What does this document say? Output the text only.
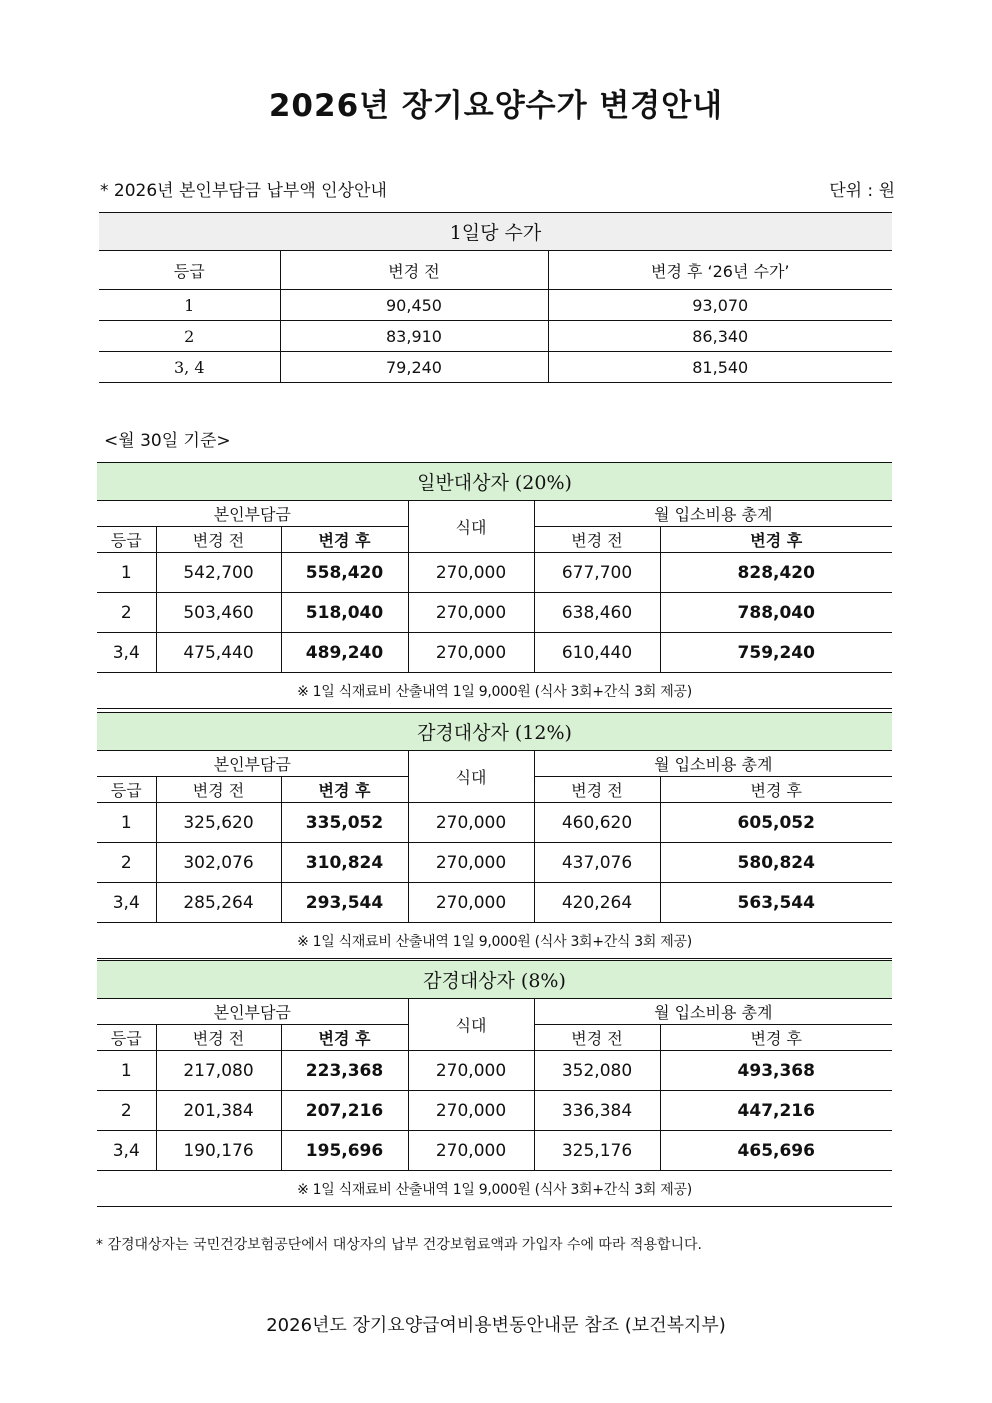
2026년 장기요양수가 변경안내
* 2026년 본인부담금 납부액 인상안내	단위 : 원
1일당 수가		
등급	변경 전	변경 후 ‘26년 수가’
1	90,450	93,070
2	83,910	86,340
3, 4	79,240	81,540
<월 30일 기준>
일반대상자 (20%)					
본인부담금			식대	월 입소비용 총계	
등급	변경 전	변경 후		변경 전	변경 후
1	542,700	558,420	270,000	677,700	828,420
2	503,460	518,040	270,000	638,460	788,040
3,4	475,440	489,240	270,000	610,440	759,240
※ 1일 식재료비 산출내역 1일 9,000원 (식사 3회+간식 3회 제공)					
감경대상자 (12%)					
본인부담금			식대	월 입소비용 총계	
등급	변경 전	변경 후		변경 전	변경 후
1	325,620	335,052	270,000	460,620	605,052
2	302,076	310,824	270,000	437,076	580,824
3,4	285,264	293,544	270,000	420,264	563,544
※ 1일 식재료비 산출내역 1일 9,000원 (식사 3회+간식 3회 제공)					
감경대상자 (8%)					
본인부담금			식대	월 입소비용 총계	
등급	변경 전	변경 후		변경 전	변경 후
1	217,080	223,368	270,000	352,080	493,368
2	201,384	207,216	270,000	336,384	447,216
3,4	190,176	195,696	270,000	325,176	465,696
※ 1일 식재료비 산출내역 1일 9,000원 (식사 3회+간식 3회 제공)					
* 감경대상자는 국민건강보험공단에서 대상자의 납부 건강보험료액과 가입자 수에 따라 적용합니다.
2026년도 장기요양급여비용변동안내문 참조 (보건복지부)
